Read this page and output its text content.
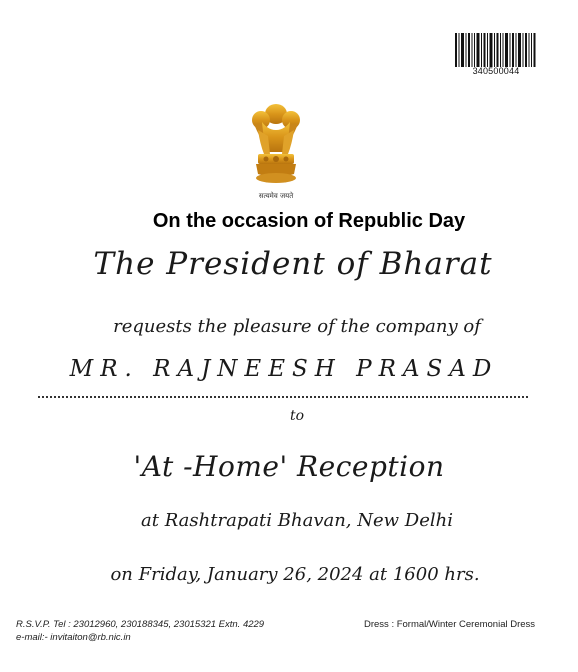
340500044
सत्यमेव जयते
On the occasion of Republic Day
The President of Bharat
requests the pleasure of the company of
MR. RAJNEESH PRASAD
to
'At -Home' Reception
at Rashtrapati Bhavan, New Delhi
on Friday, January 26, 2024 at 1600 hrs.
R.S.V.P. Tel : 23012960, 230188345, 23015321 Extn. 4229
e-mail:- invitaiton@rb.nic.in
Dress : Formal/Winter Ceremonial Dress
